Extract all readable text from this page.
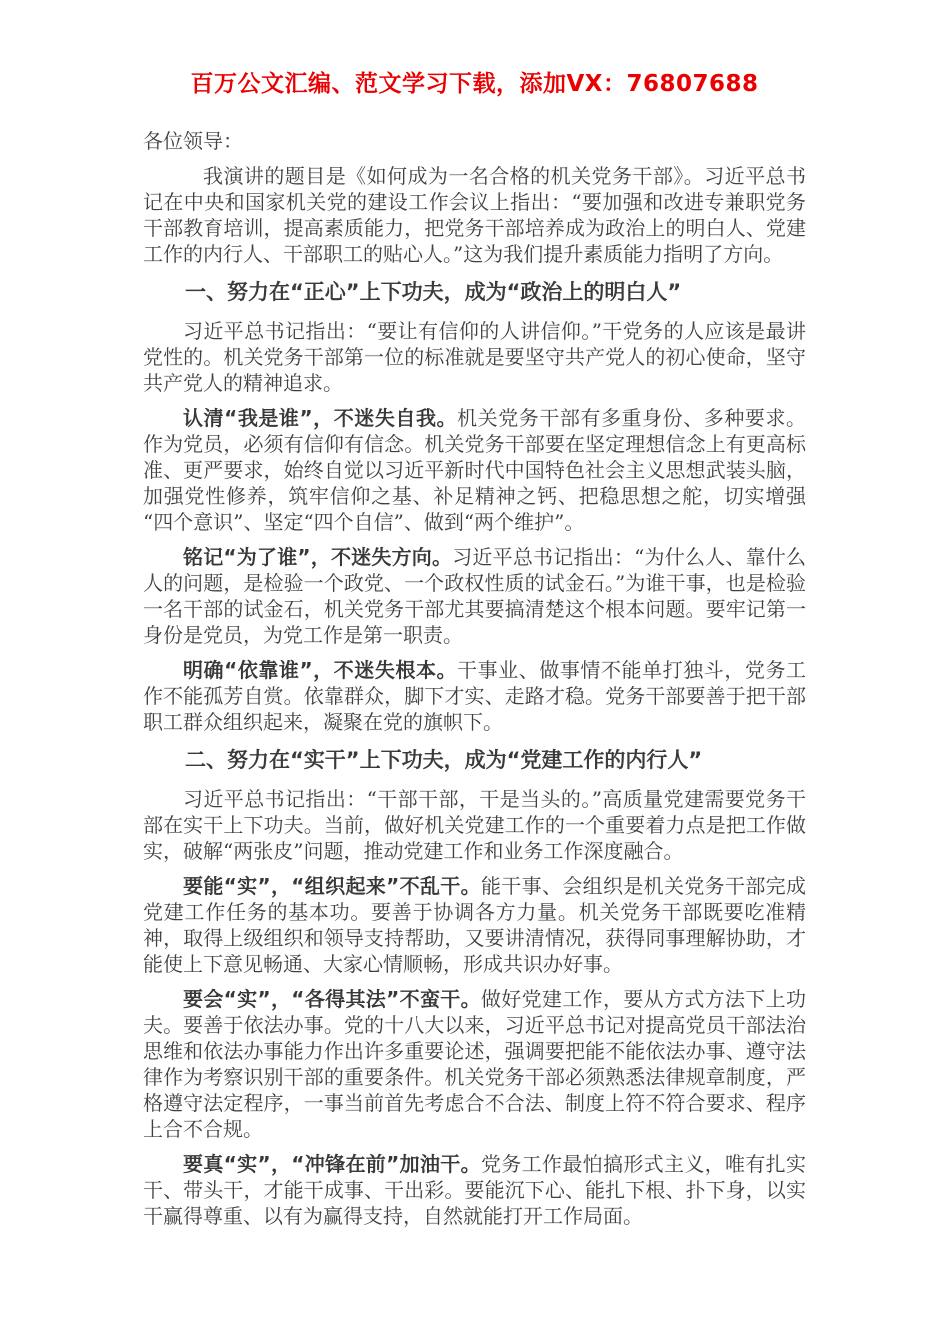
百万公文汇编、范文学习下载，添加VX：76807688

各位领导：

我演讲的题目是《如何成为一名合格的机关党务干部》。习近平总书记在中央和国家机关党的建设工作会议上指出：“要加强和改进专兼职党务干部教育培训，提高素质能力，把党务干部培养成为政治上的明白人、党建工作的内行人、干部职工的贴心人。”这为我们提升素质能力指明了方向。

一、努力在“正心”上下功夫，成为“政治上的明白人”

习近平总书记指出：“要让有信仰的人讲信仰。”干党务的人应该是最讲党性的。机关党务干部第一位的标准就是要坚守共产党人的初心使命，坚守共产党人的精神追求。

认清“我是谁”，不迷失自我。机关党务干部有多重身份、多种要求。作为党员，必须有信仰有信念。机关党务干部要在坚定理想信念上有更高标准、更严要求，始终自觉以习近平新时代中国特色社会主义思想武装头脑，加强党性修养，筑牢信仰之基、补足精神之钙、把稳思想之舵，切实增强“四个意识”、坚定“四个自信”、做到“两个维护”。

铭记“为了谁”，不迷失方向。习近平总书记指出：“为什么人、靠什么人的问题，是检验一个政党、一个政权性质的试金石。”为谁干事，也是检验一名干部的试金石，机关党务干部尤其要搞清楚这个根本问题。要牢记第一身份是党员，为党工作是第一职责。

明确“依靠谁”，不迷失根本。干事业、做事情不能单打独斗，党务工作不能孤芳自赏。依靠群众，脚下才实、走路才稳。党务干部要善于把干部职工群众组织起来，凝聚在党的旗帜下。

二、努力在“实干”上下功夫，成为“党建工作的内行人”

习近平总书记指出：“干部干部，干是当头的。”高质量党建需要党务干部在实干上下功夫。当前，做好机关党建工作的一个重要着力点是把工作做实，破解“两张皮”问题，推动党建工作和业务工作深度融合。

要能“实”，“组织起来”不乱干。能干事、会组织是机关党务干部完成党建工作任务的基本功。要善于协调各方力量。机关党务干部既要吃准精神，取得上级组织和领导支持帮助，又要讲清情况，获得同事理解协助，才能使上下意见畅通、大家心情顺畅，形成共识办好事。

要会“实”，“各得其法”不蛮干。做好党建工作，要从方式方法下上功夫。要善于依法办事。党的十八大以来，习近平总书记对提高党员干部法治思维和依法办事能力作出许多重要论述，强调要把能不能依法办事、遵守法律作为考察识别干部的重要条件。机关党务干部必须熟悉法律规章制度，严格遵守法定程序，一事当前首先考虑合不合法、制度上符不符合要求、程序上合不合规。

要真“实”，“冲锋在前”加油干。党务工作最怕搞形式主义，唯有扎实干、带头干，才能干成事、干出彩。要能沉下心、能扎下根、扑下身，以实干赢得尊重、以有为赢得支持，自然就能打开工作局面。
